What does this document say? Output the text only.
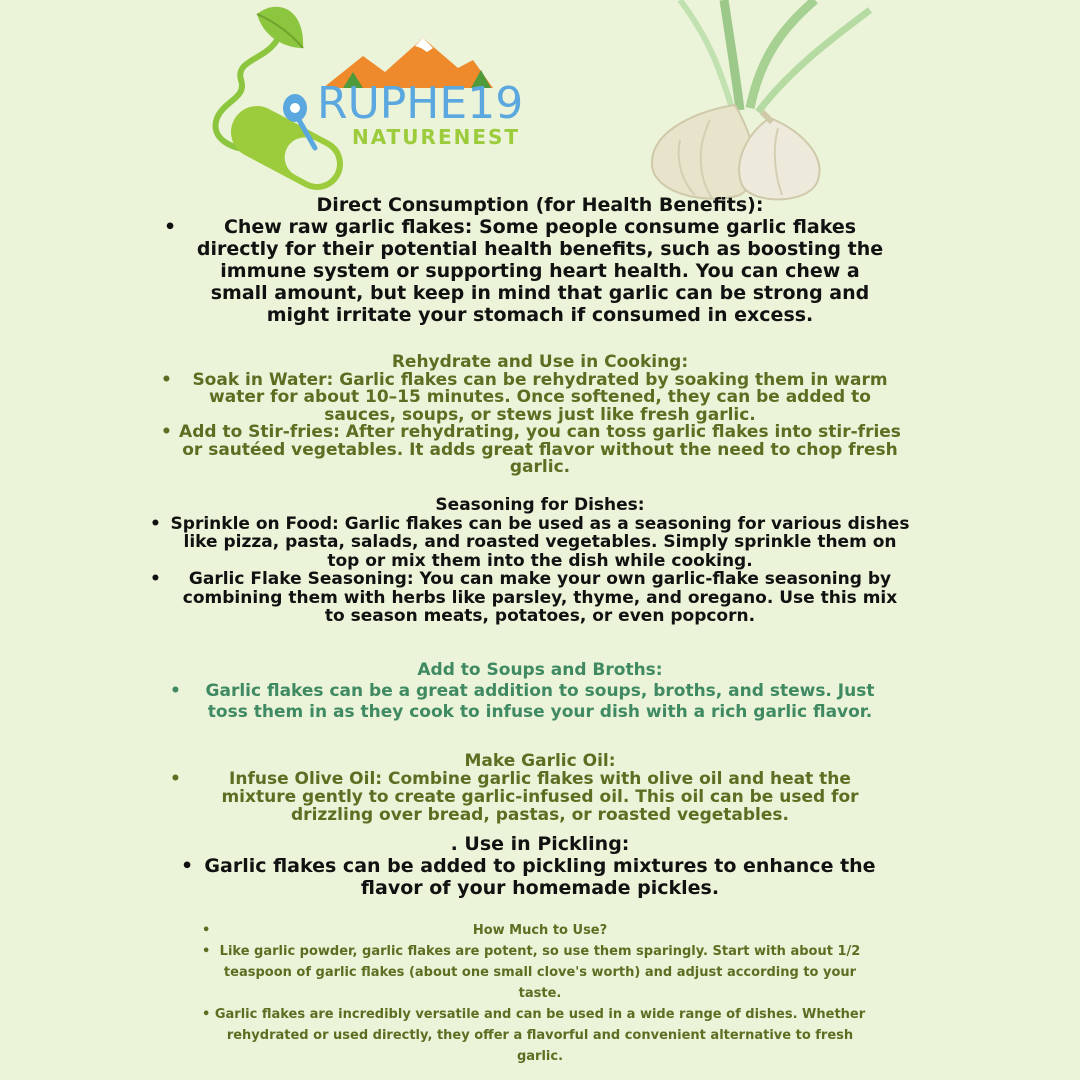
RUPHE19
NATURENEST
Direct Consumption (for Health Benefits):
•	Chew raw garlic flakes: Some people consume garlic flakes directly for their potential health benefits, such as boosting the immune system or supporting heart health. You can chew a small amount, but keep in mind that garlic can be strong and might irritate your stomach if consumed in excess.
Rehydrate and Use in Cooking:
• Soak in Water: Garlic flakes can be rehydrated by soaking them in warm water for about 10–15 minutes. Once softened, they can be added to sauces, soups, or stews just like fresh garlic.
• Add to Stir-fries: After rehydrating, you can toss garlic flakes into stir-fries or sautéed vegetables. It adds great flavor without the need to chop fresh garlic.
Seasoning for Dishes:
• Sprinkle on Food: Garlic flakes can be used as a seasoning for various dishes like pizza, pasta, salads, and roasted vegetables. Simply sprinkle them on top or mix them into the dish while cooking.
• Garlic Flake Seasoning: You can make your own garlic-flake seasoning by combining them with herbs like parsley, thyme, and oregano. Use this mix to season meats, potatoes, or even popcorn.
Add to Soups and Broths:
• Garlic flakes can be a great addition to soups, broths, and stews. Just toss them in as they cook to infuse your dish with a rich garlic flavor.
Make Garlic Oil:
•	Infuse Olive Oil: Combine garlic flakes with olive oil and heat the mixture gently to create garlic-infused oil. This oil can be used for drizzling over bread, pastas, or roasted vegetables.
. Use in Pickling:
• Garlic flakes can be added to pickling mixtures to enhance the flavor of your homemade pickles.
•	How Much to Use?
• Like garlic powder, garlic flakes are potent, so use them sparingly. Start with about 1/2 teaspoon of garlic flakes (about one small clove's worth) and adjust according to your taste.
• Garlic flakes are incredibly versatile and can be used in a wide range of dishes. Whether rehydrated or used directly, they offer a flavorful and convenient alternative to fresh garlic.
